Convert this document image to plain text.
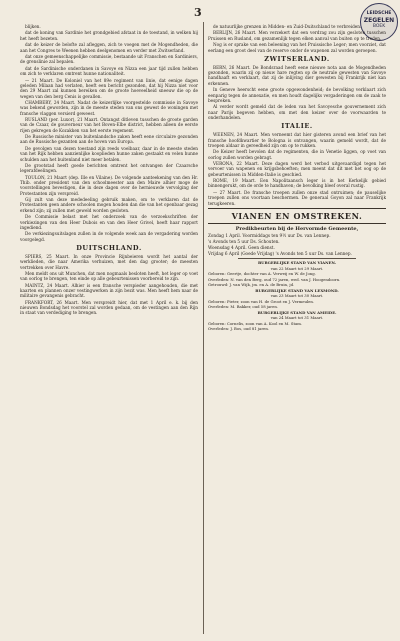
3	LEIDSCHE
ZEGELEN
BOEK

blijken.

dat de koning van Sardinie het grondgebied afstaat in de toestand, in welken hij het heeft bezeten.

dat de keizer de belofte zal afleggen, zich te voegen met de Mogendheden, die aan het Congres te Weenen hebben deelgenomen en verder met Zwitserland.

dat onze gemeenschappelijke commissie, bestaande uit Franschen en Sardiniers, de grenslinie zal bepalen.

dat de Sardinische onderdanen in Savoye en Nizza een jaar tijd zullen hebben om zich te verklaren omtrent hunne nationaliteit.

— 21 Maart. De Koloniel van het 89e regiment van linie, dat eenige dagen geleden Milaan had verlaten, heeft een bericht gezonden, dat hij Nizza niet voor den 29 Maart zal kunnen bereiken om de groote hoeveelheid sneeuw die op de wegen van den berg Cenis is gevallen.

CHAMBERY, 24 Maart. Nadat de keizerlijke voorgestelde commissie in Savoye was bekend geworden, zijn in de meeste steden van ons gewest de woningen met fransche vlaggen versierd geweest.

RUSLAND (per. Luxor), 21 Maart. Ontangst ditleven tusschen de groote garden van de Czaar, de gouverneur van het Boven-Elbe district, hebben alleen de eerste rijen gekregen de Kozakken van het eerste regement.

De Russische minister van buitenlandsche zaken heeft eene circulaire gezonden aan de Russische gezanten aan de hoven van Europa.

De gevolgen van dezen toestand zijn reeds voelbaar, daar in de meeste steden van het Rijk hebben aanzienlijke kooplieden hunne zaken gestaakt en velen hunne schulden aan het buitenland niet meer betalen.

De grootstad heeft goede berichten omtrent het ontvangen der Czaarsche legerafdeelingen.

TOULON, 21 Maart (dep. Ille en Vilaine). De volgende aanteekening van den Hr. Thib. onder president van den schoolmeester aan den Maire alhier moge de voorstellingen bevestigen, die in deze dagen over de hernieuwde vervolging der Protestanten zijn verspreid.

Gij zult van deze mededeeling gebruik maken, om te verklaren dat de Protestanten geen andere schoolen mogen houden dan die van het openbaar gezag erkend zijn; zij zullen met geweld worden gesloten.

De Commissie belast met het onderzoek van de verzoekschriften der verkiezingen van den Heer Dubois en van den Heer Grivel, heeft haar rapport ingediend.

De verkiezingsuitslagen zullen in de volgende week aan de vergadering worden voorgelegd.

DUITSCHLAND.

SPIERS, 25 Maart. In onze Provincie Rijnbeieren wordt het aantal der werklieden, die naar Amerika verhuizen, met den dag grooter; de meesten vertrekken over Havre.

Men meldt ons uit Munchen, dat men nogmaals besloten heeft, het leger op voet van oorlog te brengen, ten einde op alle gebeurtenissen voorbereid te zijn.

MAINTZ, 24 Maart. Alhier is een fransche verspieder aangehouden, die met kaarten en plannen onzer vestingwerken in zijn bezit was. Men heeft hem naar de militaire gevangenis gebracht.

FRANKFORT, 26 Maart. Men verspreidt hier, dat met 1 April e. k. bij den nieuwen Bondsdag het voorstel zal worden gedaan, om de vestingen aan den Rijn in staat van verdediging te brengen.

de natuurlijke grenzen in Midden- en Zuid-Duitschland te verbreiden.

BERLIJN, 26 Maart. Men verzekert dat een verdrag zou zijn gesloten tusschen Pruissen en Rusland, om gezamenlijk tegen elken aanval van buiten op te treden.

Nog is er sprake van een beleening van het Pruissische Leger; men voorziet, dat eerlang een groot deel van de reserve onder de wapenen zal worden geroepen.

ZWITSERLAND.

BERN, 26 Maart. De Bondsraad heeft eene nieuwe nota aan de Mogendheden gezonden, waarin zij op nieuw hare regten op de neutrale gewesten van Savoye handhaaft en verklaart, dat zij de inlijving dier gewesten bij Frankrijk niet kan erkennen.

In Geneve heerscht eene groote opgewondenheid; de bevolking verklaart zich eenparig tegen de annexatie, en men houdt dagelijks vergaderingen om de zaak te bespreken.

Al verder wordt gemeld dat de leden van het Savoyesche gouvernement zich naar Parijs begeven hebben, om met den keizer over de voorwaarden te onderhandelen.

ITALIE.

WEENEN, 24 Maart. Men verneemt dat hier gisteren avond een brief van het fransche hoofdkwartier te Bologna is ontvangen, waarin gemeld wordt, dat de troepen aldaar in gereedheid zijn om op te rukken.

De Keizer heeft bevolen dat de regimenten, die in Venetie liggen, op voet van oorlog zullen worden gebragt.

VERONA, 22 Maart. Deze dagen werd het verbod uitgevaardigd tegen het vervoer van wapenen en krijgsbehoeften; men meent dat dit met het oog op de gebeurtenissen in Midden-Italie is geschied.

ROME, 19 Maart. Een Napolitaansch leger is in het Kerkelijk gebied binnengerukt, om de orde te handhaven; de bevolking bleef overal rustig.

— 27 Maart. De fransche troepen zullen onze stad ontruimen; de pauselijke troepen zullen ons voortaan beschermen. De generaal Goyon zal naar Frankrijk terugkeeren.

VIANEN EN OMSTREKEN.
Predikbeurten bij de Hervormde Gemeente,

Zondag 1 April. Voormiddags ten 9½ uur Ds. van Lennep.

's Avonds ten 5 uur Ds. Schouten.

Woensdag 4 April. Geen dienst.

Vrijdag 6 April (Goede Vrijdag) 's Avonds ten 5 uur Ds. van Lennep.

BURGERLIJKE STAND VAN VIANEN.

van 22 Maart tot 29 Maart.

Geboren: Geertje, dochter van A. Verweij en W. de Jong.

Overleden: N. van den Berg, oud 72 jaren, wed. van J. Hoogendoorn.

Getrouwd: J. van Wijk, jm. en A. de Bruin, jd.

BURGERLIJKE STAND VAN LEXMOND.

van 23 Maart tot 30 Maart.

Geboren: Pieter, zoon van H. de Groot en J. Vermeulen.

Overleden: M. Bakker, oud 58 jaren.

BURGERLIJKE STAND VAN AMEIDE.

van 24 Maart tot 31 Maart.

Geboren: Cornelis, zoon van A. Kool en M. Stam.

Overleden: J. Bos, oud 81 jaren.
